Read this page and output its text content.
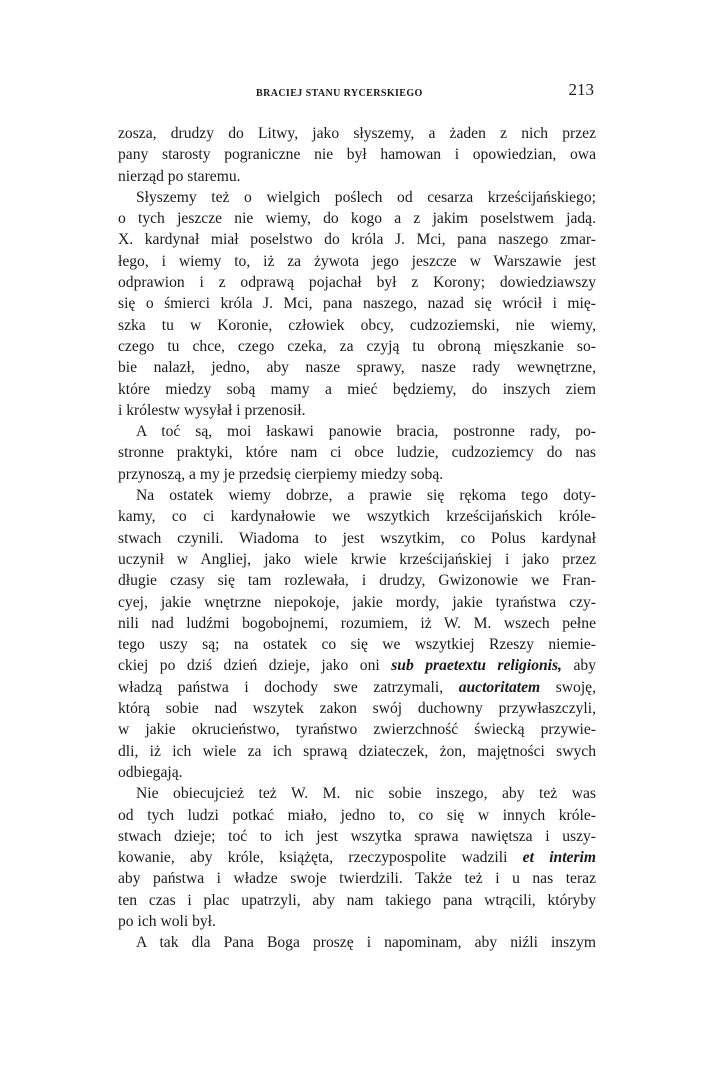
BRACIEJ STANU RYCERSKIEGO	213
zosza, drudzy do Litwy, jako słyszemy, a żaden z nich przez
pany starosty pograniczne nie był hamowan i opowiedzian, owa
nierząd po staremu.
Słyszemy też o wielgich poślech od cesarza krześcijańskiego;
o tych jeszcze nie wiemy, do kogo a z jakim poselstwem jadą.
X. kardynał miał poselstwo do króla J. Mci, pana naszego zmar-
łego, i wiemy to, iż za żywota jego jeszcze w Warszawie jest
odprawion i z odprawą pojachał był z Korony; dowiedziawszy
się o śmierci króla J. Mci, pana naszego, nazad się wrócił i mię-
szka tu w Koronie, człowiek obcy, cudzoziemski, nie wiemy,
czego tu chce, czego czeka, za czyją tu obroną mięszkanie so-
bie nalazł, jedno, aby nasze sprawy, nasze rady wewnętrzne,
które miedzy sobą mamy a mieć będziemy, do inszych ziem
i królestw wysyłał i przenosił.
A toć są, moi łaskawi panowie bracia, postronne rady, po-
stronne praktyki, które nam ci obce ludzie, cudzoziemcy do nas
przynoszą, a my je przedsię cierpiemy miedzy sobą.
Na ostatek wiemy dobrze, a prawie się rękoma tego doty-
kamy, co ci kardynałowie we wszytkich krześcijańskich króle-
stwach czynili. Wiadoma to jest wszytkim, co Polus kardynał
uczynił w Angliej, jako wiele krwie krześcijańskiej i jako przez
długie czasy się tam rozlewała, i drudzy, Gwizonowie we Fran-
cyej, jakie wnętrzne niepokoje, jakie mordy, jakie tyraństwa czy-
nili nad ludźmi bogobojnemi, rozumiem, iż W. M. wszech pełne
tego uszy są; na ostatek co się we wszytkiej Rzeszy niemie-
ckiej po dziś dzień dzieje, jako oni sub praetextu religionis, aby
władzą państwa i dochody swe zatrzymali, auctoritatem swoję,
którą sobie nad wszytek zakon swój duchowny przywłaszczyli,
w jakie okrucieństwo, tyraństwo zwierzchność świecką przywie-
dli, iż ich wiele za ich sprawą dziateczek, żon, majętności swych
odbiegają.
Nie obiecujcież też W. M. nic sobie inszego, aby też was
od tych ludzi potkać miało, jedno to, co się w innych króle-
stwach dzieje; toć to ich jest wszytka sprawa nawiętsza i uszy-
kowanie, aby króle, książęta, rzeczypospolite wadzili et interim
aby państwa i władze swoje twierdzili. Także też i u nas teraz
ten czas i plac upatrzyli, aby nam takiego pana wtrącili, któryby
po ich woli był.
A tak dla Pana Boga proszę i napominam, aby niźli inszym
